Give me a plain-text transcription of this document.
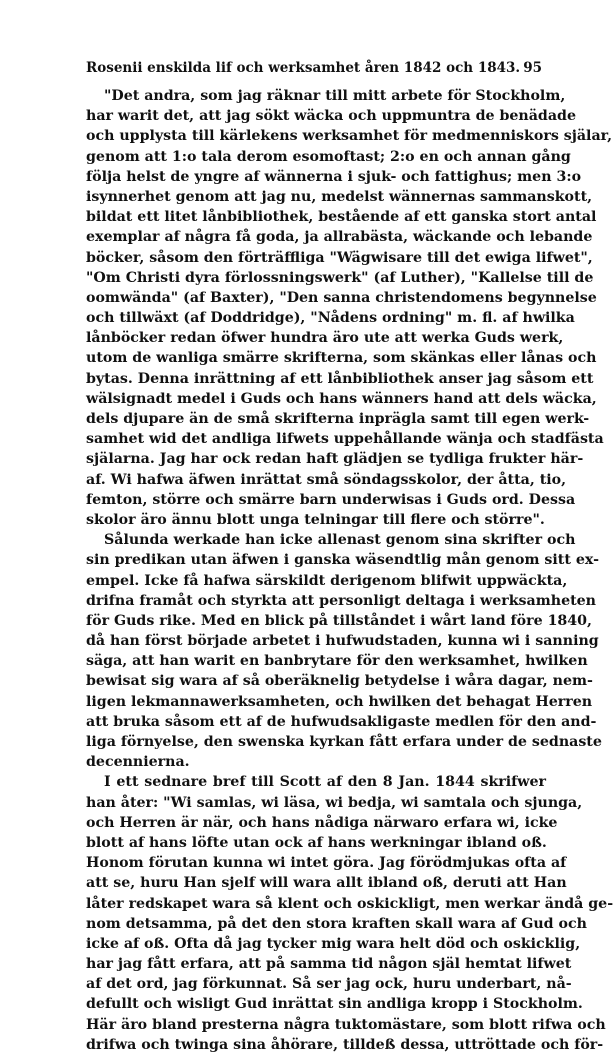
Rosenii enskilda lif och werksamhet åren 1842 och 1843. 95
"Det andra, som jag räknar till mitt arbete för Stockholm,
har warit det, att jag sökt wäcka och uppmuntra de benädade
och upplysta till kärlekens werksamhet för medmenniskors själar,
genom att 1:o tala derom esomoftast; 2:o en och annan gång
följa helst de yngre af wännerna i sjuk- och fattighus; men 3:o
isynnerhet genom att jag nu, medelst wännernas sammanskott,
bildat ett litet lånbibliothek, bestående af ett ganska stort antal
exemplar af några få goda, ja allrabästa, wäckande och lebande
böcker, såsom den förträffliga "Wägwisare till det ewiga lifwet",
"Om Christi dyra förlossningswerk" (af Luther), "Kallelse till de
oomwända" (af Baxter), "Den sanna christendomens begynnelse
och tillwäxt (af Doddridge), "Nådens ordning" m. fl. af hwilka
lånböcker redan öfwer hundra äro ute att werka Guds werk,
utom de wanliga smärre skrifterna, som skänkas eller lånas och
bytas. Denna inrättning af ett lånbibliothek anser jag såsom ett
wälsignadt medel i Guds och hans wänners hand att dels wäcka,
dels djupare än de små skrifterna inpräglа samt till egen werk-
samhet wid det andliga lifwets uppehållande wänja och stadfästa
själarna. Jag har ock redan haft glädjen se tydliga frukter här-
af. Wi hafwa äfwen inrättat små söndagsskolor, der åtta, tio,
femton, större och smärre barn underwisas i Guds ord. Dessa
skolor äro ännu blott unga telningar till flere och större".
Sålunda werkade han icke allenast genom sina skrifter och
sin predikan utan äfwen i ganska wäsendtlig mån genom sitt ex-
empel. Icke få hafwa särskildt derigenom blifwit uppwäckta,
drifna framåt och styrkta att personligt deltaga i werksamheten
för Guds rike. Med en blick på tillståndet i wårt land före 1840,
då han först började arbetet i hufwudstaden, kunna wi i sanning
säga, att han warit en banbrytare för den werksamhet, hwilken
bewisat sig wara af så oberäknelig betydelse i wåra dagar, nem-
ligen lekmannawerksamheten, och hwilken det behagat Herren
att bruka såsom ett af de hufwudsakligaste medlen för den and-
liga förnyelse, den swenska kyrkan fått erfara under de sednaste
decennierna.
I ett sednare bref till Scott af den 8 Jan. 1844 skrifwer
han åter: "Wi samlas, wi läsa, wi bedja, wi samtala och sjunga,
och Herren är när, och hans nådiga närwaro erfara wi, icke
blott af hans löfte utan ock af hans werkningar ibland oß.
Honom förutan kunna wi intet göra. Jag förödmjukas ofta af
att se, huru Han sjelf will wara allt ibland oß, deruti att Han
låter redskapet wara så klent och oskickligt, men werkar ändå ge-
nom detsamma, på det den stora kraften skall wara af Gud och
icke af oß. Ofta då jag tycker mig wara helt död och oskicklig,
har jag fått erfara, att på samma tid någon själ hemtat lifwet
af det ord, jag förkunnat. Så ser jag ock, huru underbart, nå-
defullt och wisligt Gud inrättat sin andliga kropp i Stockholm.
Här äro bland presterna några tuktomästare, som blott rifwa och
drifwa och twinga sina åhörare, tilldeß dessa, uttröttade och för-
